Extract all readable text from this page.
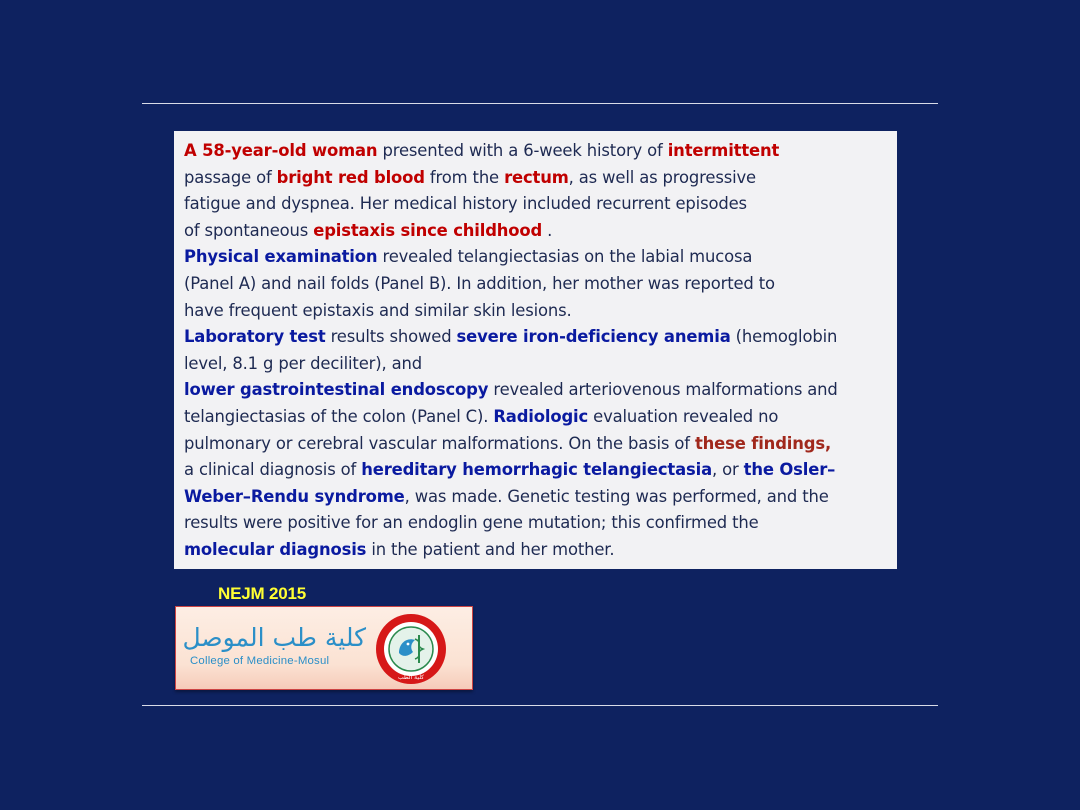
A 58-year-old woman presented with a 6-week history of intermittent
passage of bright red blood from the rectum, as well as progressive
fatigue and dyspnea. Her medical history included recurrent episodes
of spontaneous epistaxis since childhood .
Physical examination revealed telangiectasias on the labial mucosa
(Panel A) and nail folds (Panel B). In addition, her mother was reported to
have frequent epistaxis and similar skin lesions.
Laboratory test results showed severe iron-deficiency anemia (hemoglobin
level, 8.1 g per deciliter), and
lower gastrointestinal endoscopy revealed arteriovenous malformations and
telangiectasias of the colon (Panel C). Radiologic evaluation revealed no
pulmonary or cerebral vascular malformations. On the basis of these findings,
a clinical diagnosis of hereditary hemorrhagic telangiectasia, or the Osler–
Weber–Rendu syndrome, was made. Genetic testing was performed, and the
results were positive for an endoglin gene mutation; this confirmed the
molecular diagnosis in the patient and her mother.
NEJM 2015
كلية طب الموصل
College of Medicine-Mosul
كلية الطب
